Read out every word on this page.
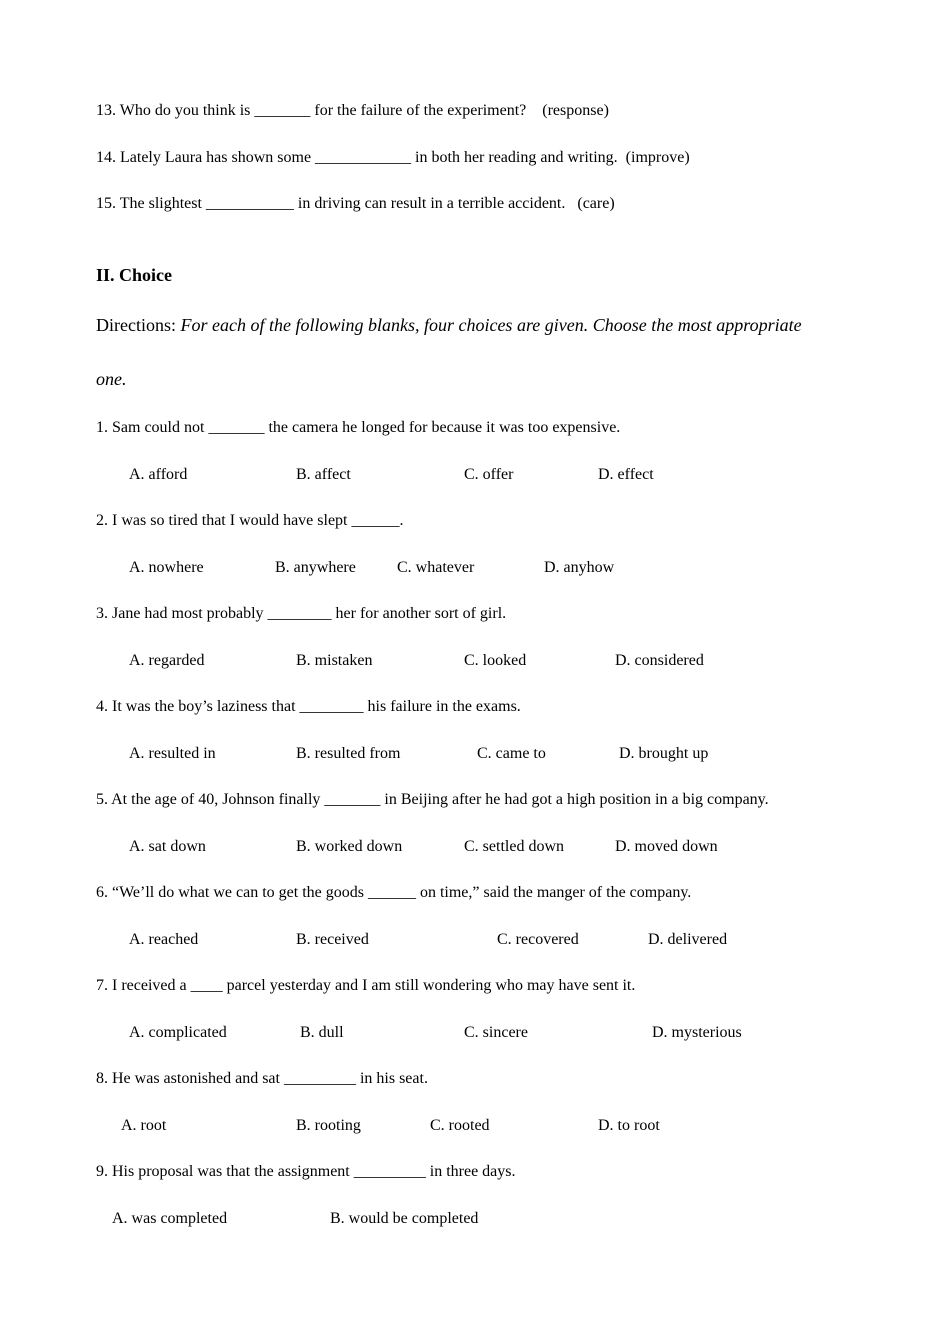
13. Who do you think is _______ for the failure of the experiment?    (response)
14. Lately Laura has shown some ____________ in both her reading and writing.  (improve)
15. The slightest ___________ in driving can result in a terrible accident.   (care)
II. Choice
Directions: For each of the following blanks, four choices are given. Choose the most appropriate
one.
1. Sam could not _______ the camera he longed for because it was too expensive.
A. afford	B. affect	C. offer	D. effect
2. I was so tired that I would have slept ______.
A. nowhere	B. anywhere	C. whatever	D. anyhow
3. Jane had most probably ________ her for another sort of girl.
A. regarded	B. mistaken	C. looked	D. considered
4. It was the boy’s laziness that ________ his failure in the exams.
A. resulted in	B. resulted from	C. came to	D. brought up
5. At the age of 40, Johnson finally _______ in Beijing after he had got a high position in a big company.
A. sat down	B. worked down	C. settled down	D. moved down
6. “We’ll do what we can to get the goods ______ on time,” said the manger of the company.
A. reached	B. received	C. recovered	D. delivered
7. I received a ____ parcel yesterday and I am still wondering who may have sent it.
A. complicated	B. dull	C. sincere	D. mysterious
8. He was astonished and sat _________ in his seat.
A. root	B. rooting	C. rooted	D. to root
9. His proposal was that the assignment _________ in three days.
A. was completed	B. would be completed
